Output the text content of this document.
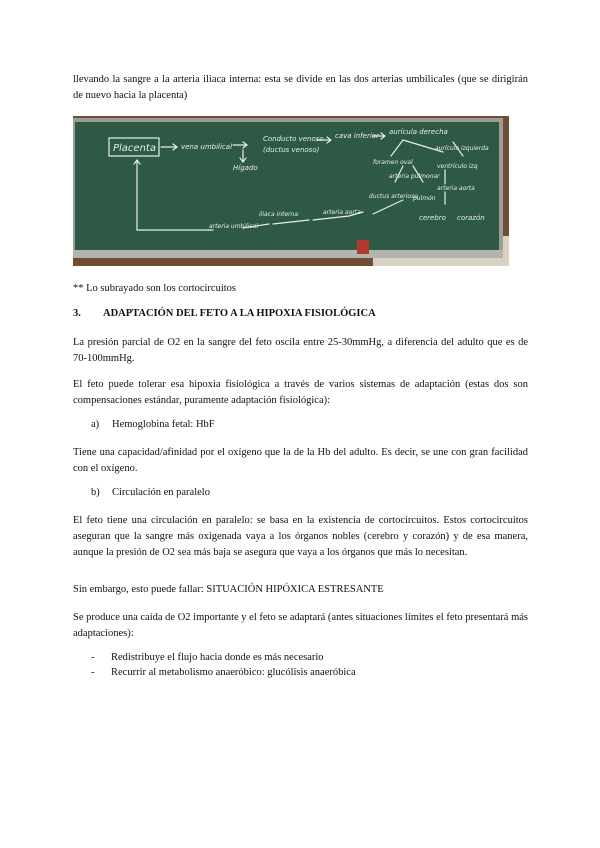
llevando la sangre a la arteria iliaca interna: esta se divide en las dos arterias umbilicales (que se dirigirán de nuevo hacia la placenta)

Placenta	vena umbilical
Hígado
Conducto venoso
(ductus venoso)
cava inferior aurícula derecha
foramen oval
aurícula izquierda
ventrículo izq
arteria aorta
arteria pulmonar
ductus arterioso
pulmón
cerebro corazón
iliaca interna
arteria umbilical
arteria aorta

** Lo subrayado son los cortocircuitos

3. ADAPTACIÓN DEL FETO A LA HIPOXIA FISIOLÓGICA

La presión parcial de O2 en la sangre del feto oscila entre 25-30mmHg, a diferencia del adulto que es de 70-100mmHg.

El feto puede tolerar esa hipoxia fisiológica a través de varios sistemas de adaptación (estas dos son compensaciones estándar, puramente adaptación fisiológica):

a) Hemoglobina fetal: HbF

Tiene una capacidad/afinidad por el oxígeno que la de la Hb del adulto. Es decir, se une con gran facilidad con el oxígeno.

b) Circulación en paralelo

El feto tiene una circulación en paralelo: se basa en la existencia de cortocircuitos. Estos cortocircuitos aseguran que la sangre más oxigenada vaya a los órganos nobles (cerebro y corazón) y de esa manera, aunque la presión de O2 sea más baja se asegura que vaya a los órganos que más lo necesitan.

Sin embargo, esto puede fallar: SITUACIÓN HIPÓXICA ESTRESANTE

Se produce una caída de O2 importante y el feto se adaptará (antes situaciones límites el feto presentará más adaptaciones):

- Redistribuye el flujo hacia donde es más necesario
- Recurrir al metabolismo anaeróbico: glucólisis anaeróbica
